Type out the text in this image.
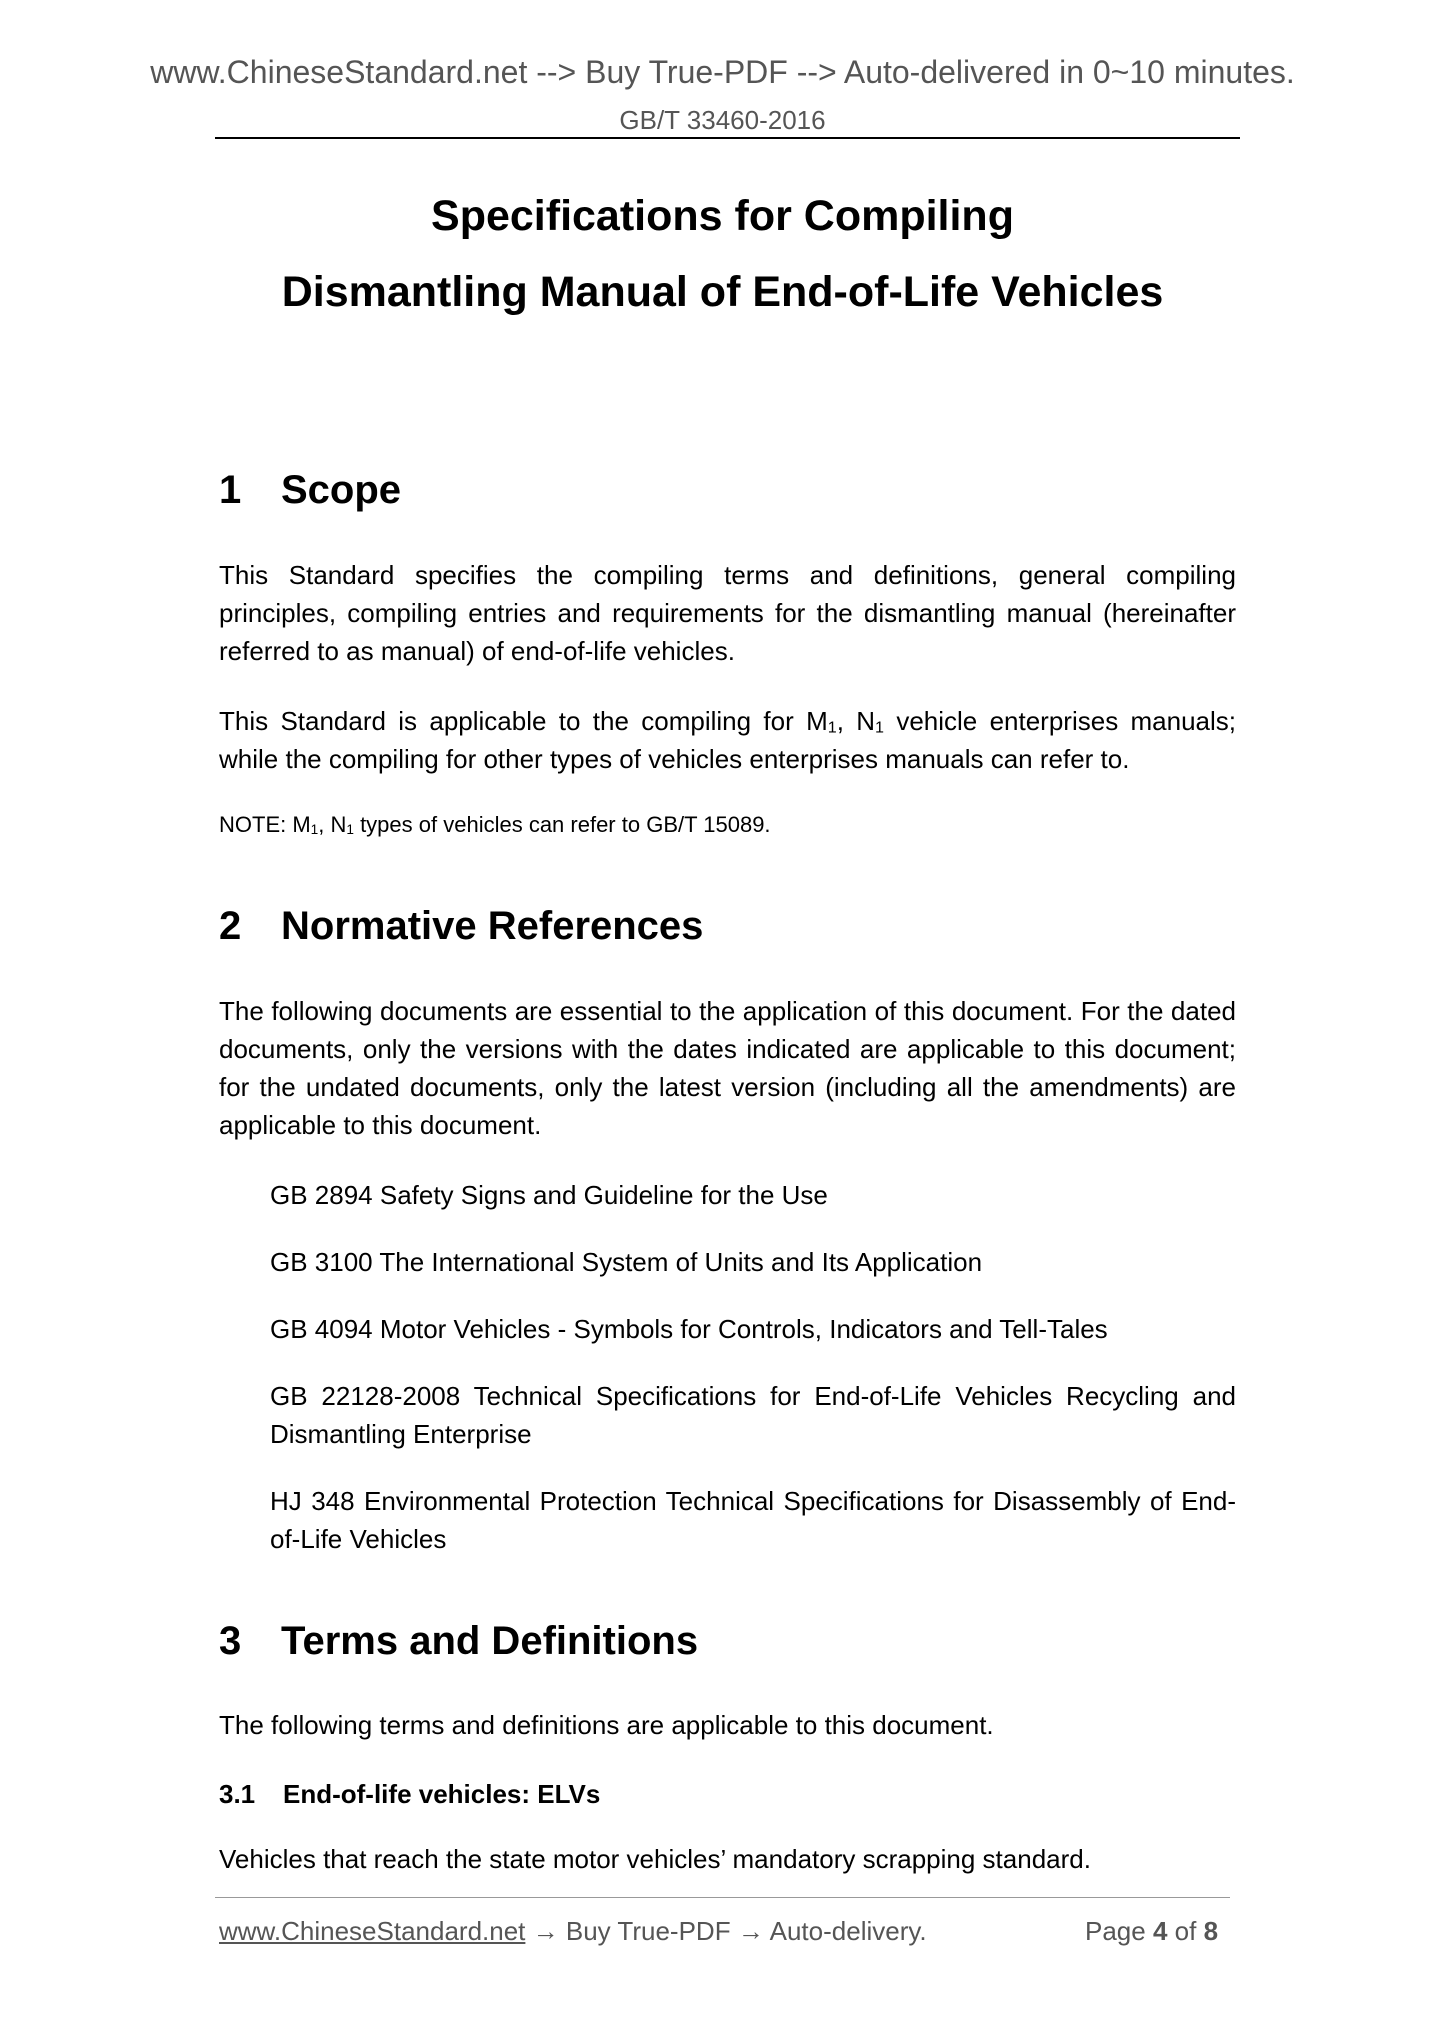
www.ChineseStandard.net --> Buy True-PDF --> Auto-delivered in 0~10 minutes.
GB/T 33460-2016
Specifications for Compiling
Dismantling Manual of End-of-Life Vehicles
1 Scope
This Standard specifies the compiling terms and definitions, general compiling principles, compiling entries and requirements for the dismantling manual (hereinafter referred to as manual) of end-of-life vehicles.
This Standard is applicable to the compiling for $M_1$, $N_1$ vehicle enterprises manuals; while the compiling for other types of vehicles enterprises manuals can refer to.
NOTE: $M_1$, $N_1$ types of vehicles can refer to GB/T 15089.
2 Normative References
The following documents are essential to the application of this document. For the dated documents, only the versions with the dates indicated are applicable to this document; for the undated documents, only the latest version (including all the amendments) are applicable to this document.
GB 2894 Safety Signs and Guideline for the Use
GB 3100 The International System of Units and Its Application
GB 4094 Motor Vehicles - Symbols for Controls, Indicators and Tell-Tales
GB 22128-2008 Technical Specifications for End-of-Life Vehicles Recycling and Dismantling Enterprise
HJ 348 Environmental Protection Technical Specifications for Disassembly of End-of-Life Vehicles
3 Terms and Definitions
The following terms and definitions are applicable to this document.
3.1 End-of-life vehicles: ELVs
Vehicles that reach the state motor vehicles’ mandatory scrapping standard.
www.ChineseStandard.net → Buy True-PDF → Auto-delivery.	Page 4 of 8
